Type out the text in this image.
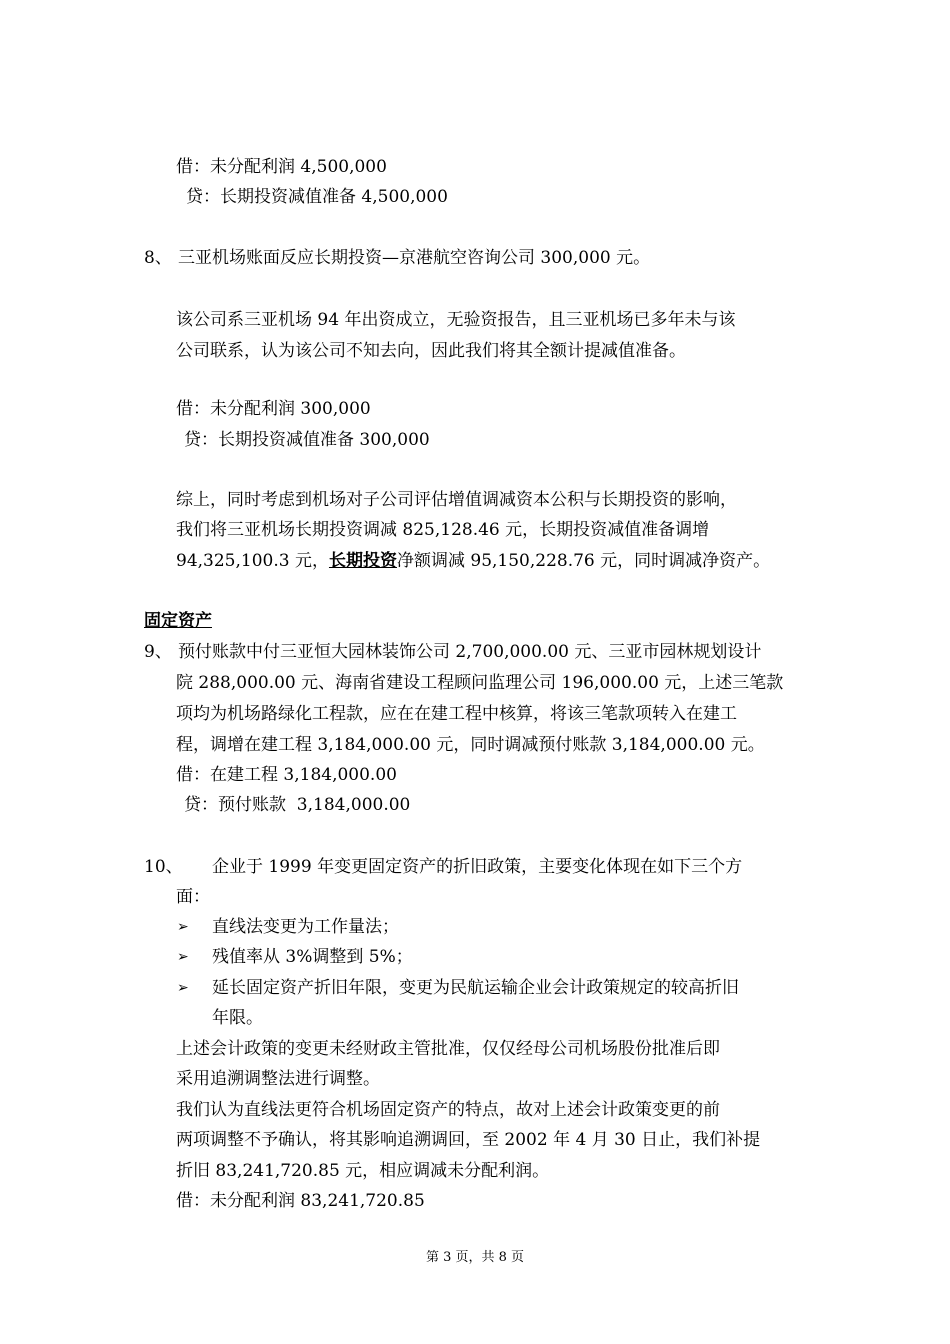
借：未分配利润 4,500,000
贷：长期投资减值准备 4,500,000
8、 三亚机场账面反应长期投资—京港航空咨询公司 300,000 元。
该公司系三亚机场 94 年出资成立，无验资报告，且三亚机场已多年未与该
公司联系，认为该公司不知去向，因此我们将其全额计提减值准备。
借：未分配利润 300,000
贷：长期投资减值准备 300,000
综上，同时考虑到机场对子公司评估增值调减资本公积与长期投资的影响，
我们将三亚机场长期投资调减 825,128.46 元，长期投资减值准备调增
94,325,100.3 元，长期投资净额调减 95,150,228.76 元，同时调减净资产。
固定资产
9、 预付账款中付三亚恒大园林装饰公司 2,700,000.00 元、三亚市园林规划设计
院 288,000.00 元、海南省建设工程顾问监理公司 196,000.00 元，上述三笔款
项均为机场路绿化工程款，应在在建工程中核算，将该三笔款项转入在建工
程，调增在建工程 3,184,000.00 元，同时调减预付账款 3,184,000.00 元。
借：在建工程 3,184,000.00
贷：预付账款  3,184,000.00
10、 企业于 1999 年变更固定资产的折旧政策，主要变化体现在如下三个方
面：
➢ 直线法变更为工作量法；
➢ 残值率从 3%调整到 5%；
➢ 延长固定资产折旧年限，变更为民航运输企业会计政策规定的较高折旧
年限。
上述会计政策的变更未经财政主管批准，仅仅经母公司机场股份批准后即
采用追溯调整法进行调整。
我们认为直线法更符合机场固定资产的特点，故对上述会计政策变更的前
两项调整不予确认，将其影响追溯调回，至 2002 年 4 月 30 日止，我们补提
折旧 83,241,720.85 元，相应调减未分配利润。
借：未分配利润 83,241,720.85
第 3 页，共 8 页
